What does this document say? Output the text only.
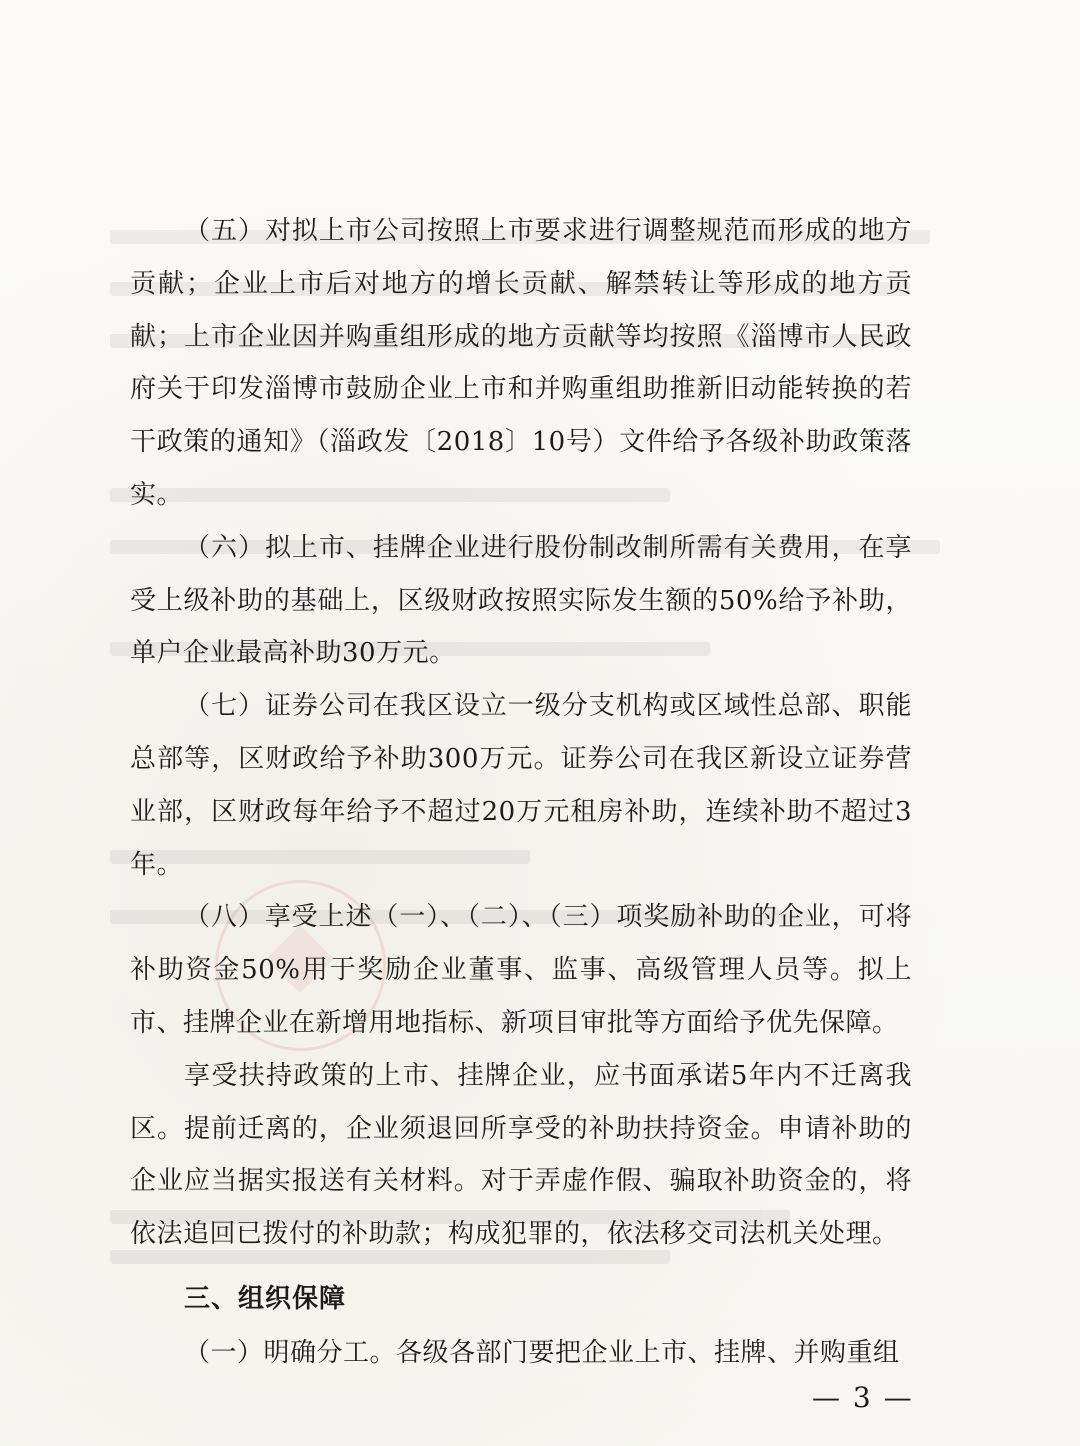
（五）对拟上市公司按照上市要求进行调整规范而形成的地方贡献；企业上市后对地方的增长贡献、解禁转让等形成的地方贡献；上市企业因并购重组形成的地方贡献等均按照《淄博市人民政府关于印发淄博市鼓励企业上市和并购重组助推新旧动能转换的若干政策的通知》（淄政发〔2018〕10号）文件给予各级补助政策落实。

（六）拟上市、挂牌企业进行股份制改制所需有关费用，在享受上级补助的基础上，区级财政按照实际发生额的50%给予补助，单户企业最高补助30万元。

（七）证券公司在我区设立一级分支机构或区域性总部、职能总部等，区财政给予补助300万元。证券公司在我区新设立证券营业部，区财政每年给予不超过20万元租房补助，连续补助不超过3年。

（八）享受上述（一）、（二）、（三）项奖励补助的企业，可将补助资金50%用于奖励企业董事、监事、高级管理人员等。拟上市、挂牌企业在新增用地指标、新项目审批等方面给予优先保障。

享受扶持政策的上市、挂牌企业，应书面承诺5年内不迁离我区。提前迁离的，企业须退回所享受的补助扶持资金。申请补助的企业应当据实报送有关材料。对于弄虚作假、骗取补助资金的，将依法追回已拨付的补助款；构成犯罪的，依法移交司法机关处理。

三、组织保障

（一）明确分工。各级各部门要把企业上市、挂牌、并购重组

— 3 —
